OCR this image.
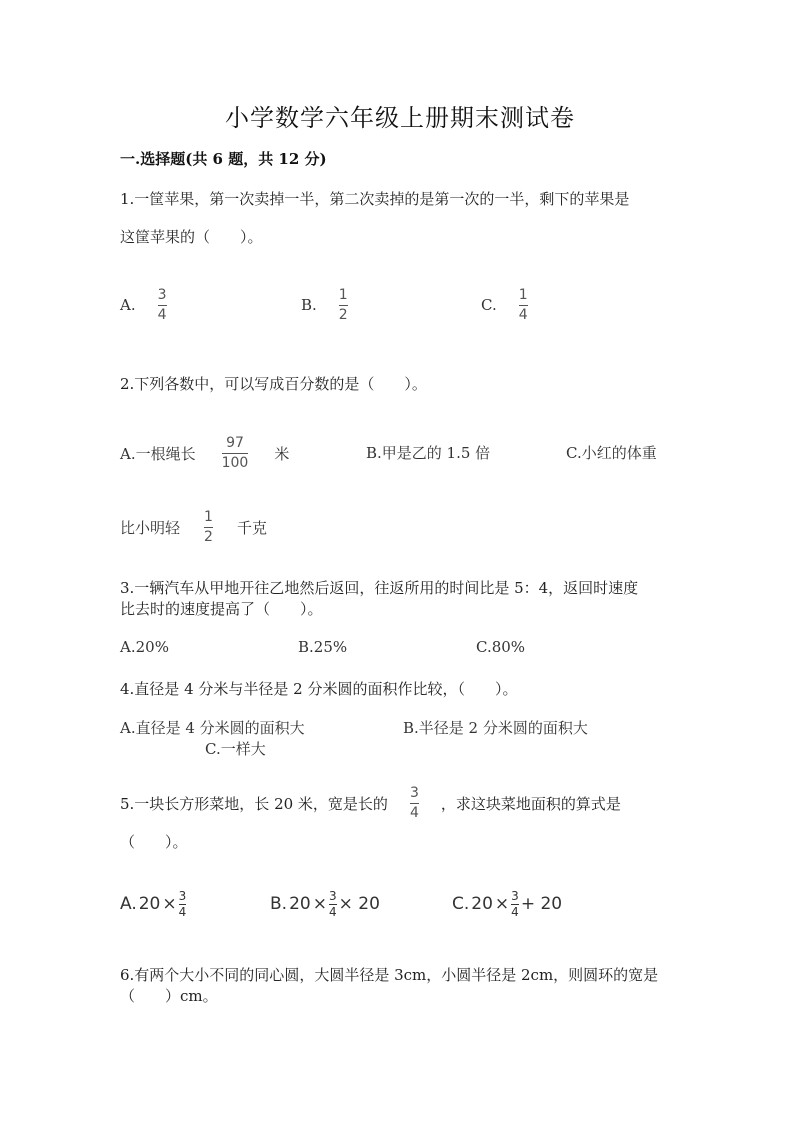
小学数学六年级上册期末测试卷
一.选择题(共 6 题，共 12 分)
1.一筐苹果，第一次卖掉一半，第二次卖掉的是第一次的一半，剩下的苹果是
这筐苹果的（　　）。
A. $\frac{3}{4}$	B. $\frac{1}{2}$	C. $\frac{1}{4}$
2.下列各数中，可以写成百分数的是（　　）。
A.一根绳长 $\frac{97}{100}$ 米	B.甲是乙的 1.5 倍	C.小红的体重
比小明轻 $\frac{1}{2}$ 千克
3.一辆汽车从甲地开往乙地然后返回，往返所用的时间比是 5：4，返回时速度
比去时的速度提高了（　　）。
A.20%	B.25%	C.80%
4.直径是 4 分米与半径是 2 分米圆的面积作比较，（　　）。
A.直径是 4 分米圆的面积大	B.半径是 2 分米圆的面积大
C.一样大
5.一块长方形菜地，长 20 米，宽是长的 $\frac{3}{4}$ ，求这块菜地面积的算式是
（　　）。
A. $20 \times \frac{3}{4}$	B. $20 \times \frac{3}{4} \times 20$	C. $20 \times \frac{3}{4} + 20$
6.有两个大小不同的同心圆，大圆半径是 3cm，小圆半径是 2cm，则圆环的宽是
（　　）cm。
